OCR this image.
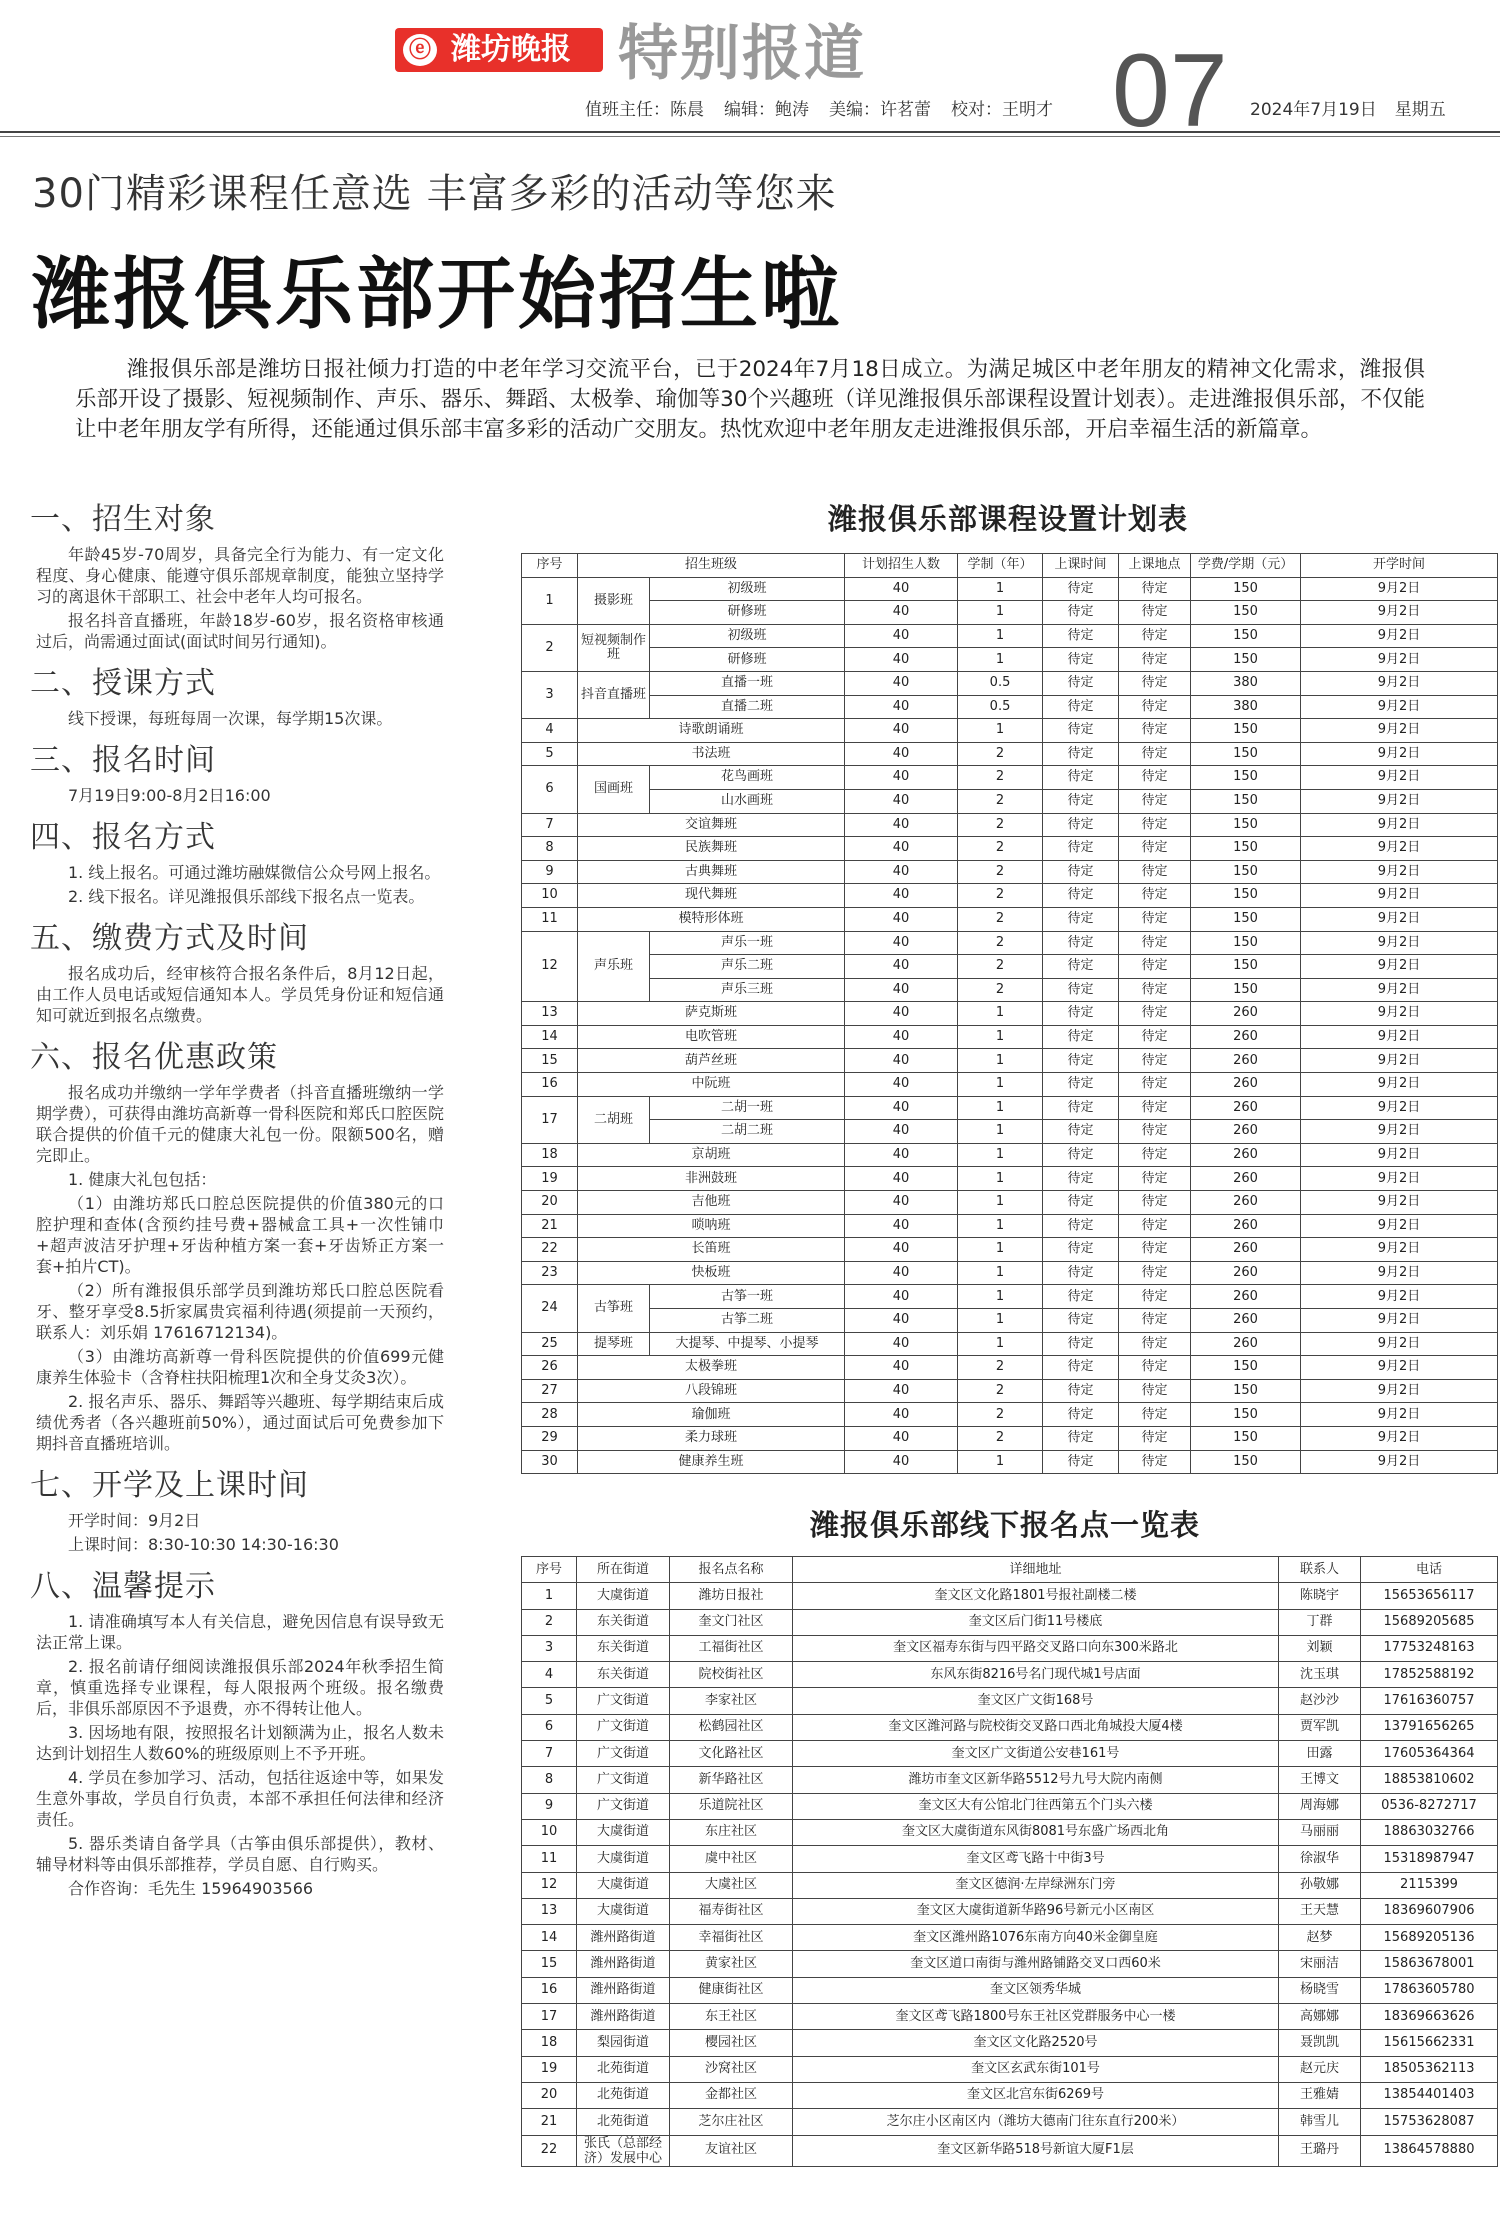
ⓔ 潍坊晚报 特别报道 07
值班主任：陈晨 编辑：鲍涛 美编：许茗蕾 校对：王明才	2024年7月19日 星期五
30门精彩课程任意选 丰富多彩的活动等您来
潍报俱乐部开始招生啦

潍报俱乐部是潍坊日报社倾力打造的中老年学习交流平台，已于2024年7月18日成立。为满足城区中老年朋友的精神文化需求，潍报俱乐部开设了摄影、短视频制作、声乐、器乐、舞蹈、太极拳、瑜伽等30个兴趣班（详见潍报俱乐部课程设置计划表）。走进潍报俱乐部，不仅能让中老年朋友学有所得，还能通过俱乐部丰富多彩的活动广交朋友。热忱欢迎中老年朋友走进潍报俱乐部，开启幸福生活的新篇章。

一、招生对象

年龄45岁-70周岁，具备完全行为能力、有一定文化程度、身心健康、能遵守俱乐部规章制度，能独立坚持学习的离退休干部职工、社会中老年人均可报名。

报名抖音直播班，年龄18岁-60岁，报名资格审核通过后，尚需通过面试(面试时间另行通知)。

二、授课方式

线下授课，每班每周一次课，每学期15次课。

三、报名时间

7月19日9:00-8月2日16:00

四、报名方式

1. 线上报名。可通过潍坊融媒微信公众号网上报名。

2. 线下报名。详见潍报俱乐部线下报名点一览表。

五、缴费方式及时间

报名成功后，经审核符合报名条件后，8月12日起，由工作人员电话或短信通知本人。学员凭身份证和短信通知可就近到报名点缴费。

六、报名优惠政策

报名成功并缴纳一学年学费者（抖音直播班缴纳一学期学费），可获得由潍坊高新尊一骨科医院和郑氏口腔医院联合提供的价值千元的健康大礼包一份。限额500名，赠完即止。

1. 健康大礼包包括：

（1）由潍坊郑氏口腔总医院提供的价值380元的口腔护理和查体(含预约挂号费+器械盒工具+一次性铺巾+超声波洁牙护理+牙齿种植方案一套+牙齿矫正方案一套+拍片CT)。

（2）所有潍报俱乐部学员到潍坊郑氏口腔总医院看牙、整牙享受8.5折家属贵宾福利待遇(须提前一天预约，联系人：刘乐娟 17616712134)。

（3）由潍坊高新尊一骨科医院提供的价值699元健康养生体验卡（含脊柱扶阳梳理1次和全身艾灸3次）。

2. 报名声乐、器乐、舞蹈等兴趣班、每学期结束后成绩优秀者（各兴趣班前50%），通过面试后可免费参加下期抖音直播班培训。

七、开学及上课时间

开学时间：9月2日

上课时间：8:30-10:30 14:30-16:30

八、温馨提示

1. 请准确填写本人有关信息，避免因信息有误导致无法正常上课。

2. 报名前请仔细阅读潍报俱乐部2024年秋季招生简章，慎重选择专业课程，每人限报两个班级。报名缴费后，非俱乐部原因不予退费，亦不得转让他人。

3. 因场地有限，按照报名计划额满为止，报名人数未达到计划招生人数60%的班级原则上不予开班。

4. 学员在参加学习、活动，包括往返途中等，如果发生意外事故，学员自行负责，本部不承担任何法律和经济责任。

5. 器乐类请自备学具（古筝由俱乐部提供），教材、辅导材料等由俱乐部推荐，学员自愿、自行购买。

合作咨询：毛先生 15964903566

潍报俱乐部课程设置计划表
序号	招生班级		计划招生人数	学制（年）	上课时间	上课地点	学费/学期（元）	开学时间
1	摄影班	初级班	40	1	待定	待定	150	9月2日
		研修班	40	1	待定	待定	150	9月2日
2	短视频制作班	初级班	40	1	待定	待定	150	9月2日
		研修班	40	1	待定	待定	150	9月2日
3	抖音直播班	直播一班	40	0.5	待定	待定	380	9月2日
		直播二班	40	0.5	待定	待定	380	9月2日
4	诗歌朗诵班		40	1	待定	待定	150	9月2日
5	书法班		40	2	待定	待定	150	9月2日
6	国画班	花鸟画班	40	2	待定	待定	150	9月2日
		山水画班	40	2	待定	待定	150	9月2日
7	交谊舞班		40	2	待定	待定	150	9月2日
8	民族舞班		40	2	待定	待定	150	9月2日
9	古典舞班		40	2	待定	待定	150	9月2日
10	现代舞班		40	2	待定	待定	150	9月2日
11	模特形体班		40	2	待定	待定	150	9月2日
12	声乐班	声乐一班	40	2	待定	待定	150	9月2日
		声乐二班	40	2	待定	待定	150	9月2日
		声乐三班	40	2	待定	待定	150	9月2日
13	萨克斯班		40	1	待定	待定	260	9月2日
14	电吹管班		40	1	待定	待定	260	9月2日
15	葫芦丝班		40	1	待定	待定	260	9月2日
16	中阮班		40	1	待定	待定	260	9月2日
17	二胡班	二胡一班	40	1	待定	待定	260	9月2日
		二胡二班	40	1	待定	待定	260	9月2日
18	京胡班		40	1	待定	待定	260	9月2日
19	非洲鼓班		40	1	待定	待定	260	9月2日
20	吉他班		40	1	待定	待定	260	9月2日
21	唢呐班		40	1	待定	待定	260	9月2日
22	长笛班		40	1	待定	待定	260	9月2日
23	快板班		40	1	待定	待定	260	9月2日
24	古筝班	古筝一班	40	1	待定	待定	260	9月2日
		古筝二班	40	1	待定	待定	260	9月2日
25	提琴班	大提琴、中提琴、小提琴	40	1	待定	待定	260	9月2日
26	太极拳班		40	2	待定	待定	150	9月2日
27	八段锦班		40	2	待定	待定	150	9月2日
28	瑜伽班		40	2	待定	待定	150	9月2日
29	柔力球班		40	2	待定	待定	150	9月2日
30	健康养生班		40	1	待定	待定	150	9月2日
潍报俱乐部线下报名点一览表
序号	所在街道	报名点名称	详细地址	联系人	电话
1	大虞街道	潍坊日报社	奎文区文化路1801号报社副楼二楼	陈晓宇	15653656117
2	东关街道	奎文门社区	奎文区后门街11号楼底	丁群	15689205685
3	东关街道	工福街社区	奎文区福寿东街与四平路交叉路口向东300米路北	刘颖	17753248163
4	东关街道	院校街社区	东风东街8216号名门现代城1号店面	沈玉琪	17852588192
5	广文街道	李家社区	奎文区广文街168号	赵沙沙	17616360757
6	广文街道	松鹤园社区	奎文区潍河路与院校街交叉路口西北角城投大厦4楼	贾军凯	13791656265
7	广文街道	文化路社区	奎文区广文街道公安巷161号	田露	17605364364
8	广文街道	新华路社区	潍坊市奎文区新华路5512号九号大院内南侧	王博文	18853810602
9	广文街道	乐道院社区	奎文区大有公馆北门往西第五个门头六楼	周海娜	0536-8272717
10	大虞街道	东庄社区	奎文区大虞街道东风街8081号东盛广场西北角	马丽丽	18863032766
11	大虞街道	虞中社区	奎文区鸢飞路十中街3号	徐淑华	15318987947
12	大虞街道	大虞社区	奎文区德润·左岸绿洲东门旁	孙敬娜	2115399
13	大虞街道	福寿街社区	奎文区大虞街道新华路96号新元小区南区	王天慧	18369607906
14	潍州路街道	幸福街社区	奎文区潍州路1076东南方向40米金御皇庭	赵梦	15689205136
15	潍州路街道	黄家社区	奎文区道口南街与潍州路铺路交叉口西60米	宋丽洁	15863678001
16	潍州路街道	健康街社区	奎文区领秀华城	杨晓雪	17863605780
17	潍州路街道	东王社区	奎文区鸢飞路1800号东王社区党群服务中心一楼	高娜娜	18369663626
18	梨园街道	樱园社区	奎文区文化路2520号	聂凯凯	15615662331
19	北苑街道	沙窝社区	奎文区玄武东街101号	赵元庆	18505362113
20	北苑街道	金都社区	奎文区北宫东街6269号	王雅婧	13854401403
21	北苑街道	芝尔庄社区	芝尔庄小区南区内（潍坊大德南门往东直行200米）	韩雪儿	15753628087
22	张氏（总部经济）发展中心	友谊社区	奎文区新华路518号新谊大厦F1层	王璐丹	13864578880
